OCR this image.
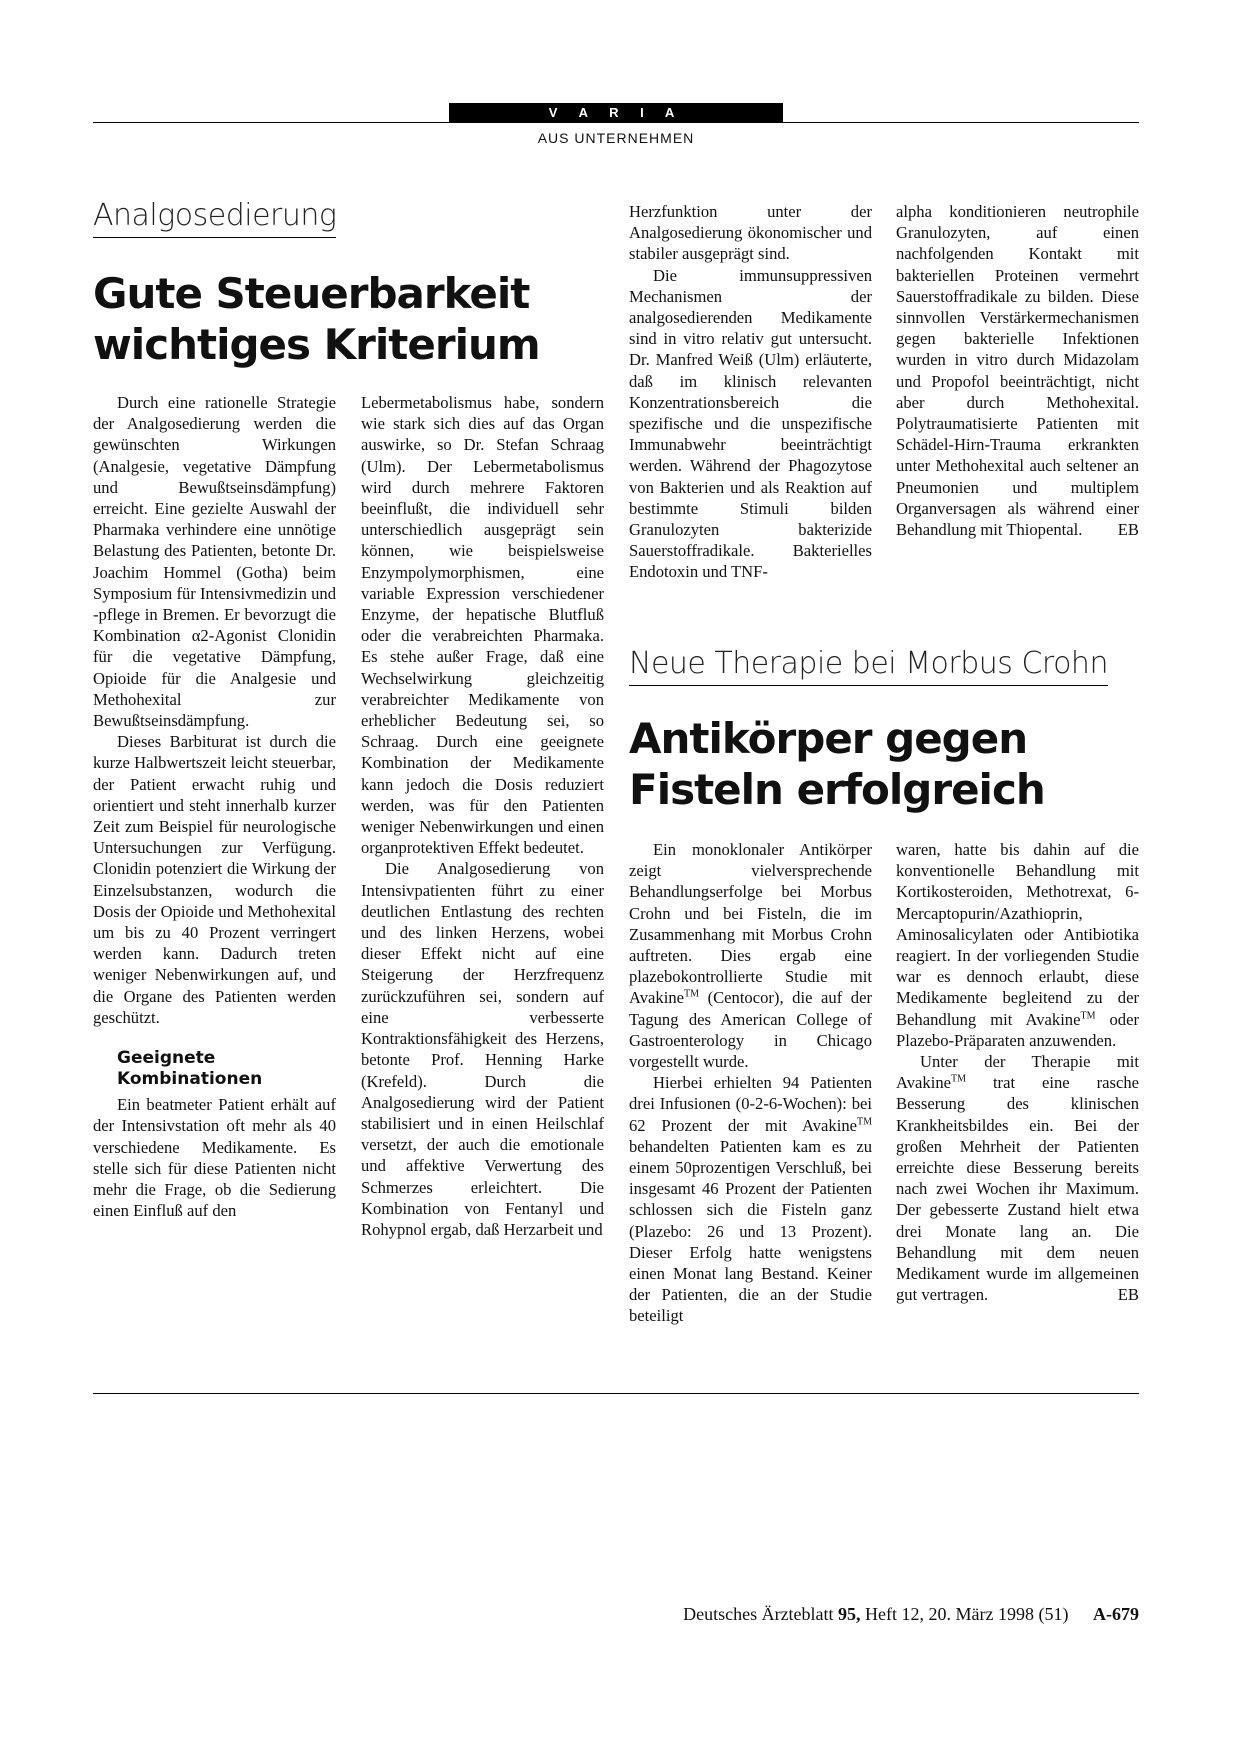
V A R I A
AUS UNTERNEHMEN
Analgosedierung
Gute Steuerbarkeit
wichtiges Kriterium

Durch eine rationelle Strategie der Analgosedierung werden die gewünschten Wirkungen (Analgesie, vegetative Dämpfung und Bewußtseinsdämpfung) erreicht. Eine gezielte Auswahl der Pharmaka verhindere eine unnötige Belastung des Patienten, betonte Dr. Joachim Hommel (Gotha) beim Symposium für Intensivmedizin und -pflege in Bremen. Er bevorzugt die Kombination α2-Agonist Clonidin für die vegetative Dämpfung, Opioide für die Analgesie und Methohexital zur Bewußtseinsdämpfung.

Dieses Barbiturat ist durch die kurze Halbwertszeit leicht steuerbar, der Patient erwacht ruhig und orientiert und steht innerhalb kurzer Zeit zum Beispiel für neurologische Untersuchungen zur Verfügung. Clonidin potenziert die Wirkung der Einzelsubstanzen, wodurch die Dosis der Opioide und Methohexital um bis zu 40 Prozent verringert werden kann. Dadurch treten weniger Nebenwirkungen auf, und die Organe des Patienten werden geschützt.

Geeignete
Kombinationen

Ein beatmeter Patient erhält auf der Intensivstation oft mehr als 40 verschiedene Medikamente. Es stelle sich für diese Patienten nicht mehr die Frage, ob die Sedierung einen Einfluß auf den

Lebermetabolismus habe, sondern wie stark sich dies auf das Organ auswirke, so Dr. Stefan Schraag (Ulm). Der Lebermetabolismus wird durch mehrere Faktoren beeinflußt, die individuell sehr unterschiedlich ausgeprägt sein können, wie beispielsweise Enzympolymorphismen, eine variable Expression verschiedener Enzyme, der hepatische Blutfluß oder die verabreichten Pharmaka. Es stehe außer Frage, daß eine Wechselwirkung gleichzeitig verabreichter Medikamente von erheblicher Bedeutung sei, so Schraag. Durch eine geeignete Kombination der Medikamente kann jedoch die Dosis reduziert werden, was für den Patienten weniger Nebenwirkungen und einen organprotektiven Effekt bedeutet.

Die Analgosedierung von Intensivpatienten führt zu einer deutlichen Entlastung des rechten und des linken Herzens, wobei dieser Effekt nicht auf eine Steigerung der Herzfrequenz zurückzuführen sei, sondern auf eine verbesserte Kontraktionsfähigkeit des Herzens, betonte Prof. Henning Harke (Krefeld). Durch die Analgosedierung wird der Patient stabilisiert und in einen Heilschlaf versetzt, der auch die emotionale und affektive Verwertung des Schmerzes erleichtert. Die Kombination von Fentanyl und Rohypnol ergab, daß Herzarbeit und

Herzfunktion unter der Analgosedierung ökonomischer und stabiler ausgeprägt sind.

Die immunsuppressiven Mechanismen der analgosedierenden Medikamente sind in vitro relativ gut untersucht. Dr. Manfred Weiß (Ulm) erläuterte, daß im klinisch relevanten Konzentrationsbereich die spezifische und die unspezifische Immunabwehr beeinträchtigt werden. Während der Phagozytose von Bakterien und als Reaktion auf bestimmte Stimuli bilden Granulozyten bakterizide Sauerstoffradikale. Bakterielles Endotoxin und TNF-

alpha konditionieren neutrophile Granulozyten, auf einen nachfolgenden Kontakt mit bakteriellen Proteinen vermehrt Sauerstoffradikale zu bilden. Diese sinnvollen Verstärkermechanismen gegen bakterielle Infektionen wurden in vitro durch Midazolam und Propofol beeinträchtigt, nicht aber durch Methohexital. Polytraumatisierte Patienten mit Schädel-Hirn-Trauma erkrankten unter Methohexital auch seltener an Pneumonien und multiplem Organversagen als während einer Behandlung mit Thiopental. EB

Neue Therapie bei Morbus Crohn
Antikörper gegen
Fisteln erfolgreich

Ein monoklonaler Antikörper zeigt vielversprechende Behandlungserfolge bei Morbus Crohn und bei Fisteln, die im Zusammenhang mit Morbus Crohn auftreten. Dies ergab eine plazebokontrollierte Studie mit Avakine™ (Centocor), die auf der Tagung des American College of Gastroenterology in Chicago vorgestellt wurde.

Hierbei erhielten 94 Patienten drei Infusionen (0-2-6-Wochen): bei 62 Prozent der mit Avakine™ behandelten Patienten kam es zu einem 50prozentigen Verschluß, bei insgesamt 46 Prozent der Patienten schlossen sich die Fisteln ganz (Plazebo: 26 und 13 Prozent). Dieser Erfolg hatte wenigstens einen Monat lang Bestand. Keiner der Patienten, die an der Studie beteiligt

waren, hatte bis dahin auf die konventionelle Behandlung mit Kortikosteroiden, Methotrexat, 6-Mercaptopurin/Azathioprin, Aminosalicylaten oder Antibiotika reagiert. In der vorliegenden Studie war es dennoch erlaubt, diese Medikamente begleitend zu der Behandlung mit Avakine™ oder Plazebo-Präparaten anzuwenden.

Unter der Therapie mit Avakine™ trat eine rasche Besserung des klinischen Krankheitsbildes ein. Bei der großen Mehrheit der Patienten erreichte diese Besserung bereits nach zwei Wochen ihr Maximum. Der gebesserte Zustand hielt etwa drei Monate lang an. Die Behandlung mit dem neuen Medikament wurde im allgemeinen gut vertragen.	EB

Deutsches Ärzteblatt 95, Heft 12, 20. März 1998 (51) A-679
